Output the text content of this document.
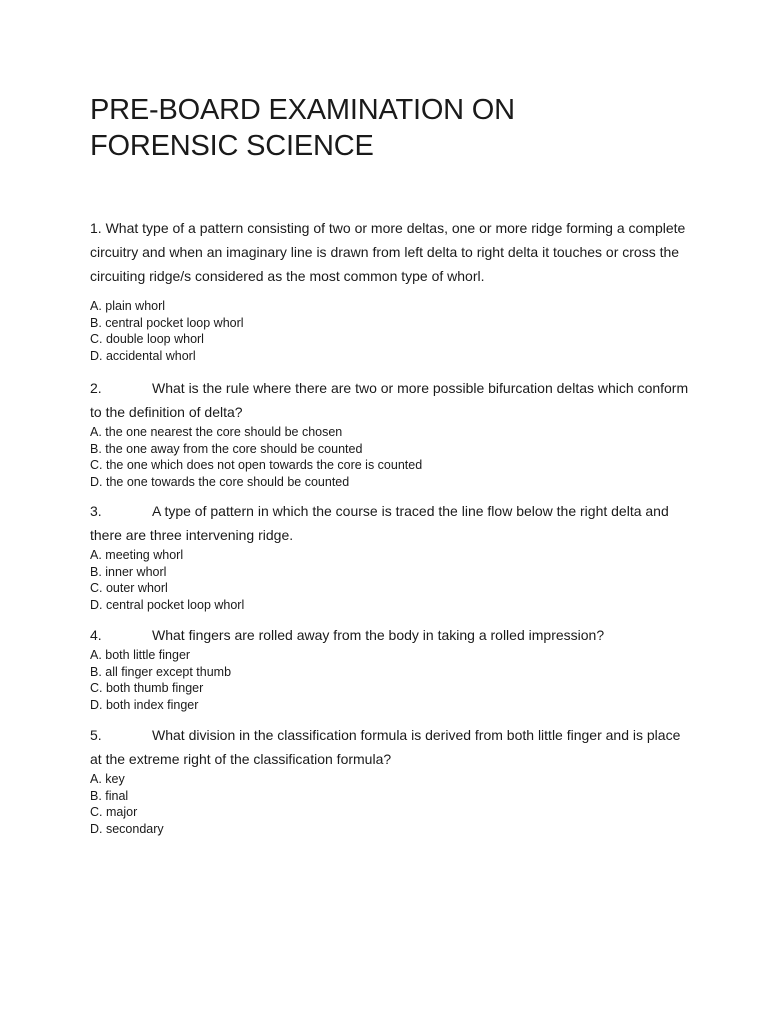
PRE-BOARD EXAMINATION ON
FORENSIC SCIENCE

1. What type of a pattern consisting of two or more deltas, one or more ridge forming a complete circuitry and when an imaginary line is drawn from left delta to right delta it touches or cross the circuiting ridge/s considered as the most common type of whorl.

A. plain whorl
B. central pocket loop whorl
C. double loop whorl
D. accidental whorl

2.	What is the rule where there are two or more possible bifurcation deltas which conform to the definition of delta?

A. the one nearest the core should be chosen
B. the one away from the core should be counted
C. the one which does not open towards the core is counted
D. the one towards the core should be counted

3.	A type of pattern in which the course is traced the line flow below the right delta and there are three intervening ridge.

A. meeting whorl
B. inner whorl
C. outer whorl
D. central pocket loop whorl

4.	What fingers are rolled away from the body in taking a rolled impression?

A. both little finger
B. all finger except thumb
C. both thumb finger
D. both index finger

5.	What division in the classification formula is derived from both little finger and is place at the extreme right of the classification formula?

A. key
B. final
C. major
D. secondary
